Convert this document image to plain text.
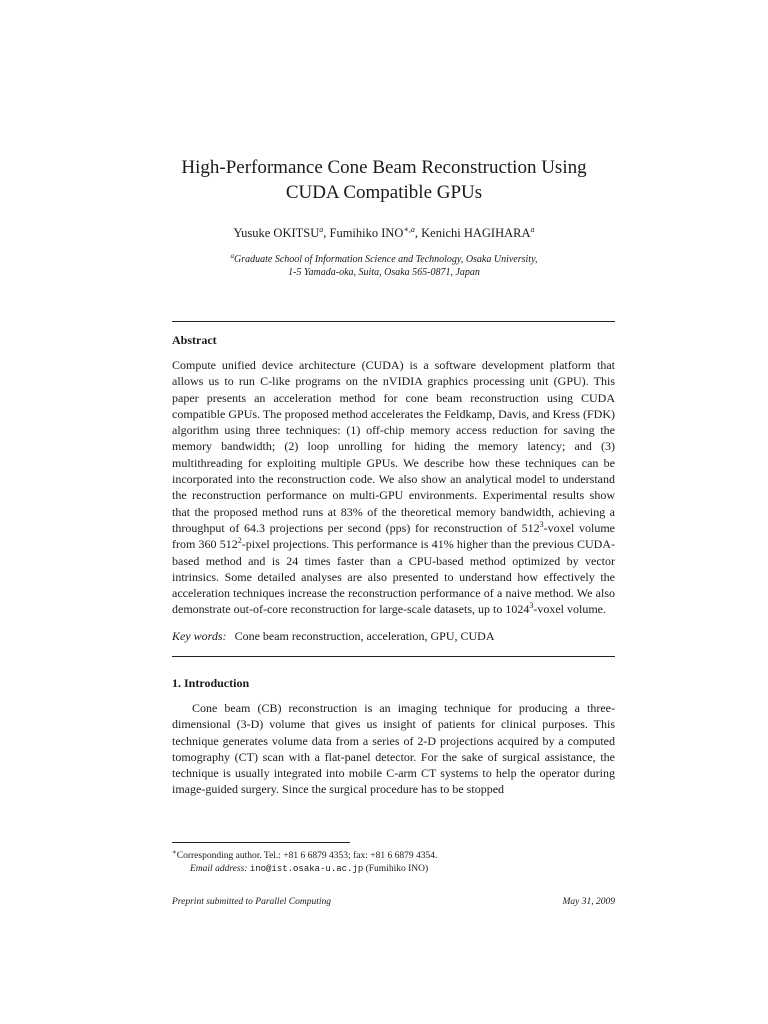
High-Performance Cone Beam Reconstruction Using
CUDA Compatible GPUs
Yusuke OKITSU$^a$, Fumihiko $INO^{∗,a}$, Kenichi HAGIHARA$^a$
$^a$Graduate School of Information Science and Technology, Osaka University,
1-5 Yamada-oka, Suita, Osaka 565-0871, Japan
Abstract

Compute unified device architecture (CUDA) is a software development platform that allows us to run C-like programs on the nVIDIA graphics processing unit (GPU). This paper presents an acceleration method for cone beam reconstruction using CUDA compatible GPUs. The proposed method accelerates the Feldkamp, Davis, and Kress (FDK) algorithm using three techniques: (1) off-chip memory access reduction for saving the memory bandwidth; (2) loop unrolling for hiding the memory latency; and (3) multithreading for exploiting multiple GPUs. We describe how these techniques can be incorporated into the reconstruction code. We also show an analytical model to understand the reconstruction performance on multi-GPU environments. Experimental results show that the proposed method runs at 83% of the theoretical memory bandwidth, achieving a throughput of 64.3 projections per second (pps) for reconstruction of $512^3$-voxel volume from 360 $512^2$-pixel projections. This performance is 41% higher than the previous CUDA-based method and is 24 times faster than a CPU-based method optimized by vector intrinsics. Some detailed analyses are also presented to understand how effectively the acceleration techniques increase the reconstruction performance of a naive method. We also demonstrate out-of-core reconstruction for large-scale datasets, up to 1024$^3$-voxel volume.

Key words: Cone beam reconstruction, acceleration, GPU, CUDA
1. Introduction

Cone beam (CB) reconstruction is an imaging technique for producing a three-dimensional (3-D) volume that gives us insight of patients for clinical purposes. This technique generates volume data from a series of 2-D projections acquired by a computed tomography (CT) scan with a flat-panel detector. For the sake of surgical assistance, the technique is usually integrated into mobile C-arm CT systems to help the operator during image-guided surgery. Since the surgical procedure has to be stopped

∗Corresponding author. Tel.: +81 6 6879 4353; fax: +81 6 6879 4354.
Email address: ino@ist.osaka-u.ac.jp (Fumihiko INO)
Preprint submitted to Parallel Computing	May 31, 2009
